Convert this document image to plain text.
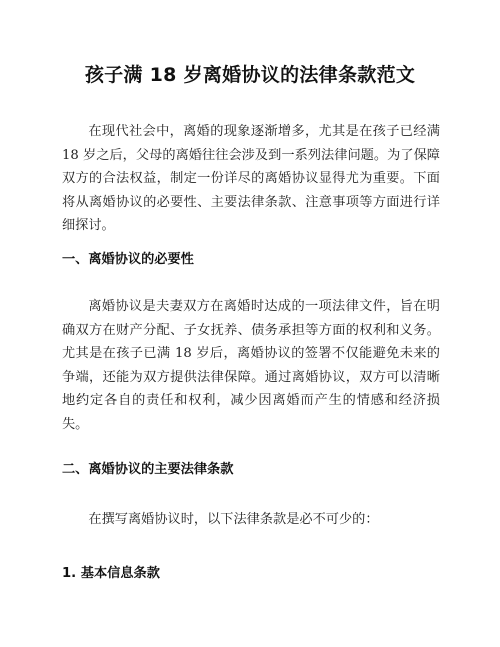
孩子满 18 岁离婚协议的法律条款范文

在现代社会中，离婚的现象逐渐增多，尤其是在孩子已经满 18 岁之后，父母的离婚往往会涉及到一系列法律问题。为了保障双方的合法权益，制定一份详尽的离婚协议显得尤为重要。下面将从离婚协议的必要性、主要法律条款、注意事项等方面进行详细探讨。

一、离婚协议的必要性

离婚协议是夫妻双方在离婚时达成的一项法律文件，旨在明确双方在财产分配、子女抚养、债务承担等方面的权利和义务。尤其是在孩子已满 18 岁后，离婚协议的签署不仅能避免未来的争端，还能为双方提供法律保障。通过离婚协议，双方可以清晰地约定各自的责任和权利，减少因离婚而产生的情感和经济损失。

二、离婚协议的主要法律条款

在撰写离婚协议时，以下法律条款是必不可少的：

1. 基本信息条款
